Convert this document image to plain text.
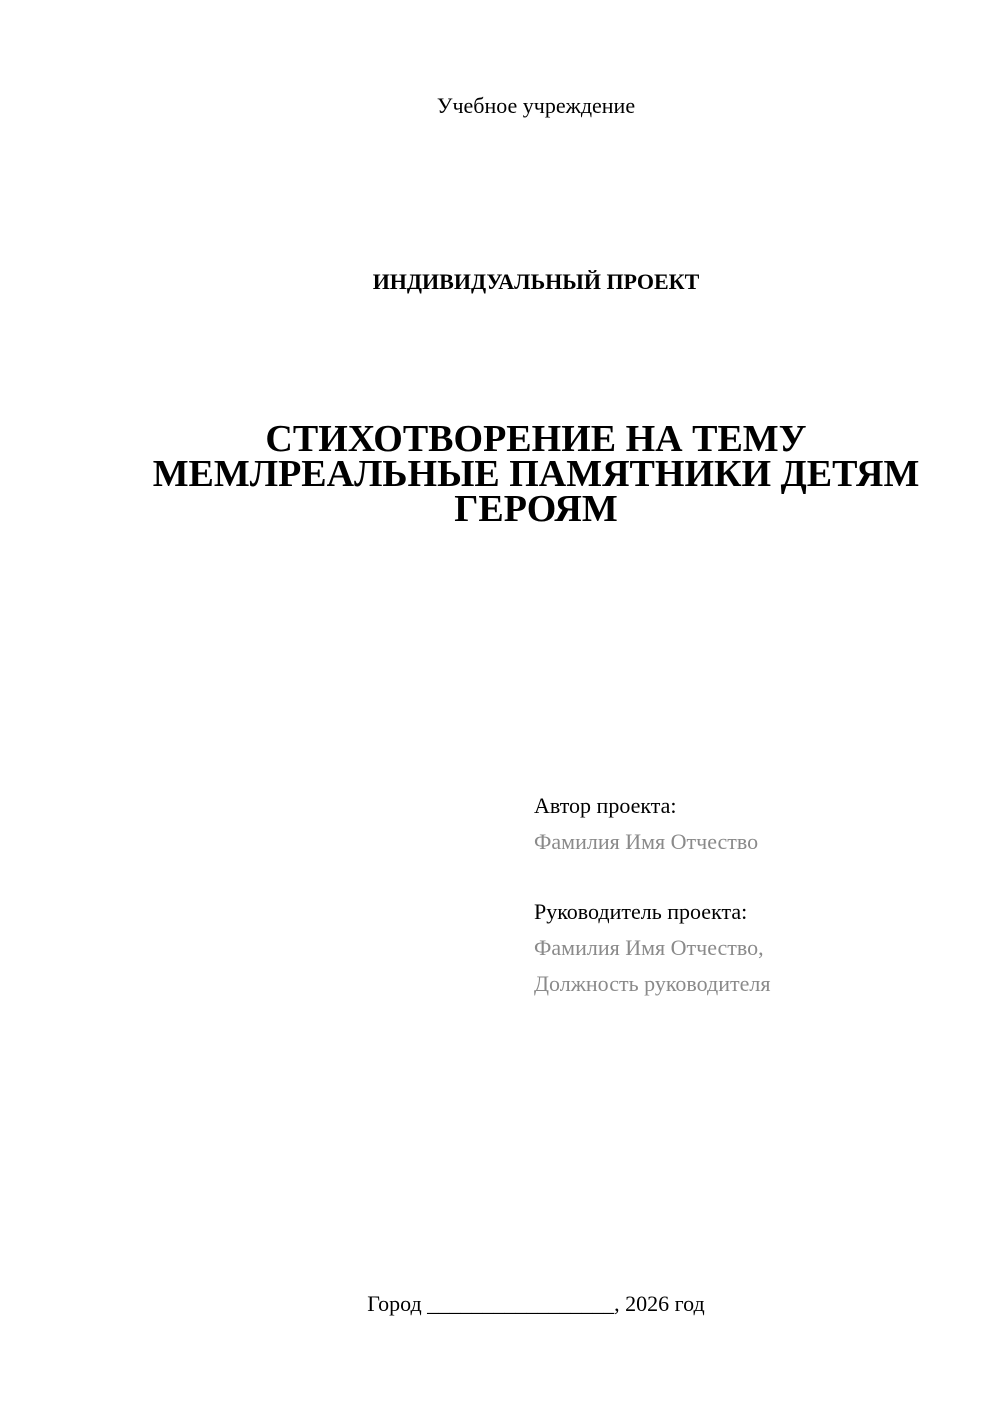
Учебное учреждение
ИНДИВИДУАЛЬНЫЙ ПРОЕКТ
СТИХОТВОРЕНИЕ НА ТЕМУ
МЕМЛРЕАЛЬНЫЕ ПАМЯТНИКИ ДЕТЯМ
ГЕРОЯМ
Автор проекта:
Фамилия Имя Отчество
Руководитель проекта:
Фамилия Имя Отчество,
Должность руководителя
Город _________________, 2026 год
